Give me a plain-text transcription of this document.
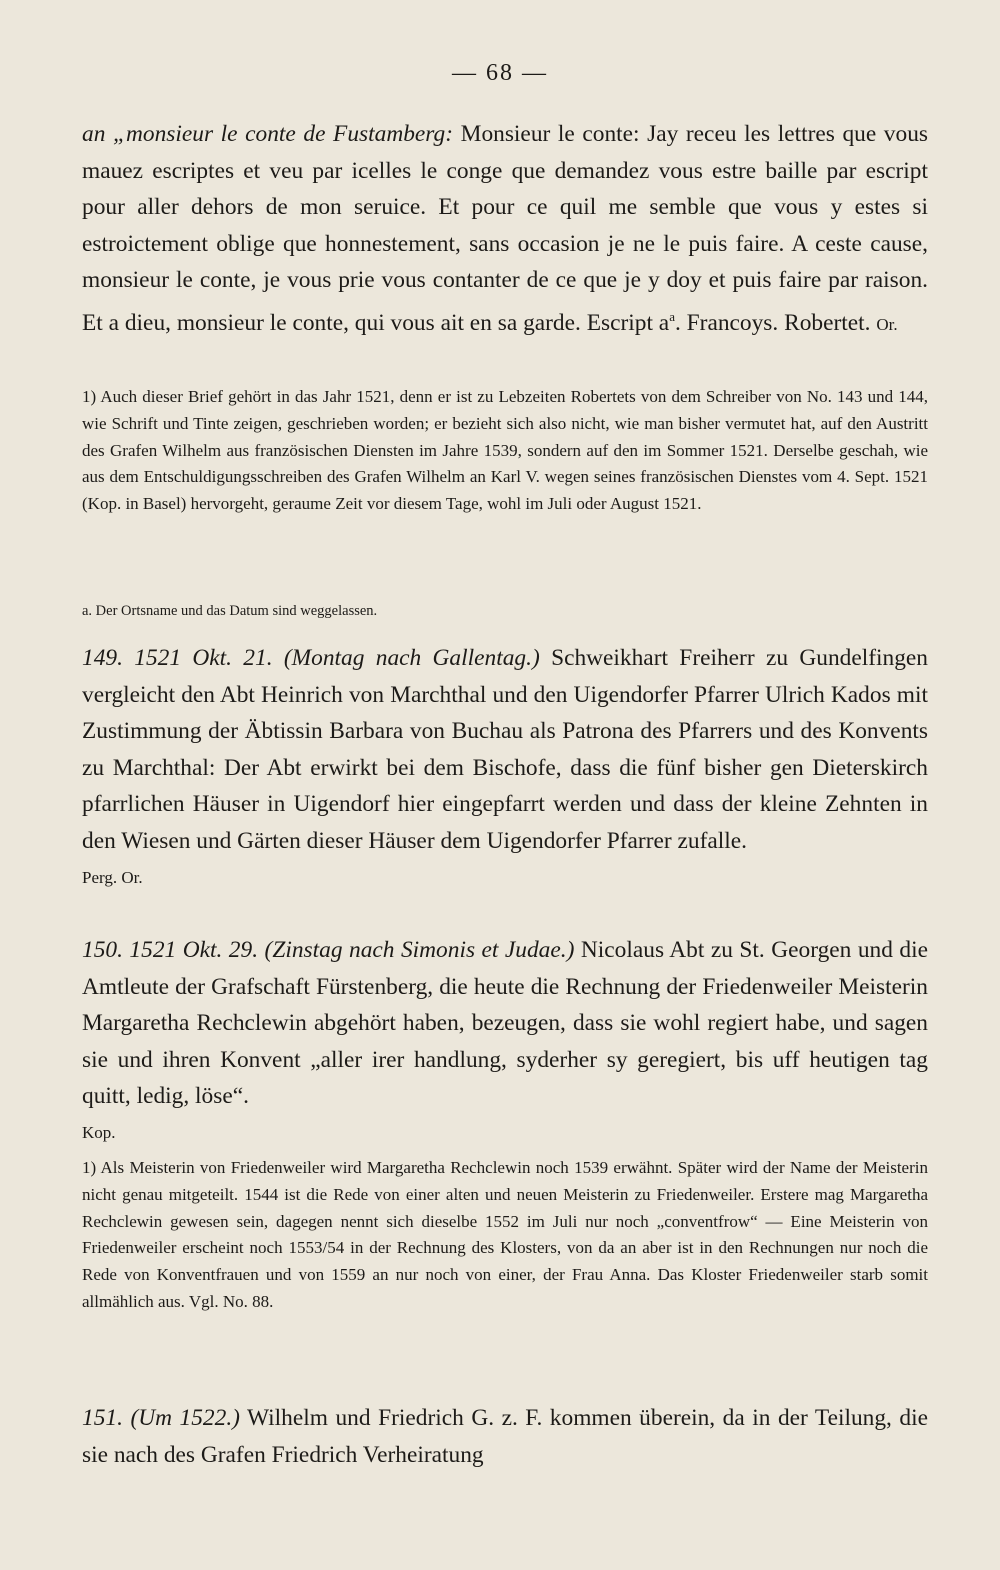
— 68 —
an „monsieur le conte de Fustamberg: Monsieur le conte: Jay receu les lettres que vous mauez escriptes et veu par icelles le conge que demandez vous estre baille par escript pour aller dehors de mon seruice. Et pour ce quil me semble que vous y estes si estroictement oblige que honnestement, sans occasion je ne le puis faire. A ceste cause, monsieur le conte, je vous prie vous contanter de ce que je y doy et puis faire par raison. Et a dieu, monsieur le conte, qui vous ait en sa garde. Escript $a^a$. Francoys. Robertet. Or.
1) Auch dieser Brief gehört in das Jahr 1521, denn er ist zu Lebzeiten Robertets von dem Schreiber von No. 143 und 144, wie Schrift und Tinte zeigen, geschrieben worden; er bezieht sich also nicht, wie man bisher vermutet hat, auf den Austritt des Grafen Wilhelm aus französischen Diensten im Jahre 1539, sondern auf den im Sommer 1521. Derselbe geschah, wie aus dem Entschuldigungsschreiben des Grafen Wilhelm an Karl V. wegen seines französischen Dienstes vom 4. Sept. 1521 (Kop. in Basel) hervorgeht, geraume Zeit vor diesem Tage, wohl im Juli oder August 1521.
a. Der Ortsname und das Datum sind weggelassen.
149. 1521 Okt. 21. (Montag nach Gallentag.) Schweikhart Freiherr zu Gundelfingen vergleicht den Abt Heinrich von Marchthal und den Uigendorfer Pfarrer Ulrich Kados mit Zustimmung der Äbtissin Barbara von Buchau als Patrona des Pfarrers und des Konvents zu Marchthal: Der Abt erwirkt bei dem Bischofe, dass die fünf bisher gen Dieterskirch pfarrlichen Häuser in Uigendorf hier eingepfarrt werden und dass der kleine Zehnten in den Wiesen und Gärten dieser Häuser dem Uigendorfer Pfarrer zufalle.
Perg. Or.
150. 1521 Okt. 29. (Zinstag nach Simonis et Judae.) Nicolaus Abt zu St. Georgen und die Amtleute der Grafschaft Fürstenberg, die heute die Rechnung der Friedenweiler Meisterin Margaretha Rechclewin abgehört haben, bezeugen, dass sie wohl regiert habe, und sagen sie und ihren Konvent „aller irer handlung, syderher sy geregiert, bis uff heutigen tag quitt, ledig, löse“.
Kop.
1) Als Meisterin von Friedenweiler wird Margaretha Rechclewin noch 1539 erwähnt. Später wird der Name der Meisterin nicht genau mitgeteilt. 1544 ist die Rede von einer alten und neuen Meisterin zu Friedenweiler. Erstere mag Margaretha Rechclewin gewesen sein, dagegen nennt sich dieselbe 1552 im Juli nur noch „conventfrow“ — Eine Meisterin von Friedenweiler erscheint noch 1553/54 in der Rechnung des Klosters, von da an aber ist in den Rechnungen nur noch die Rede von Konventfrauen und von 1559 an nur noch von einer, der Frau Anna. Das Kloster Friedenweiler starb somit allmählich aus. Vgl. No. 88.
151. (Um 1522.) Wilhelm und Friedrich G. z. F. kommen überein, da in der Teilung, die sie nach des Grafen Friedrich Verheiratung
